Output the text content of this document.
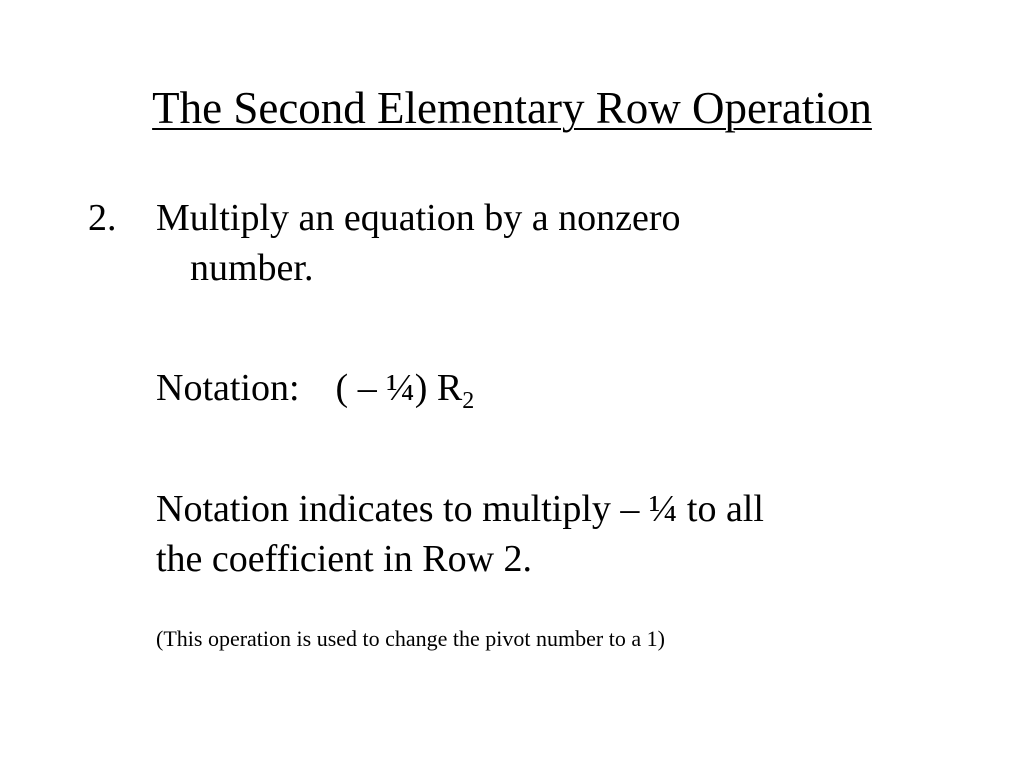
The Second Elementary Row Operation
2. Multiply an equation by a nonzero
number.
Notation: ( – ¼) $R_2$
Notation indicates to multiply – ¼ to all
the coefficient in Row 2.
(This operation is used to change the pivot number to a 1)
